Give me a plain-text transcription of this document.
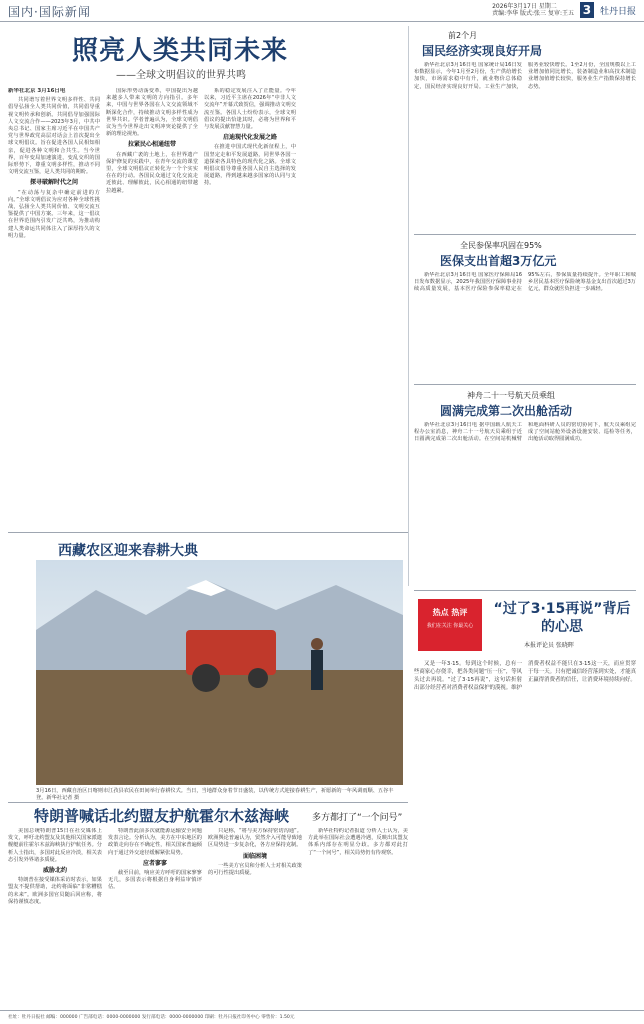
国内·国际新闻	2026年3月17日 星期二
责编:李华 版式:张三 复审:王五 3 牡丹日报
照亮人类共同未来
——全球文明倡议的世界共鸣
新华社北京 3月16日电

共同谱写着世界文明多样性、共同倡导弘扬全人类共同价值，共同倡导重视文明传承和创新。共同倡导加强国际人文交流合作——2023年3月，中共中央总书记、国家主席习近平在中国共产党与世界政党高层对话会上首次提出全球文明倡议。旨在促进各国人民相知相亲，促进各种文明和合共生。当今世界，百年变局加速演进，变乱交织的国际形势下，尊重文明多样性，推动不同文明交流互鉴，是人类共同的期盼。

探寻破解时代之问

“在动荡与复杂中确定前进的方向。”全球文明倡议为应对各种全球性挑战，弘扬全人类共同价值、文明交流互鉴提供了中国方案。三年来，这一倡议在世界范围内引发广泛共鸣，为推动构建人类命运共同体注入了深厚持久的文明力量。

国际形势动荡变革，中国提出为越来越多人带来文明的方向指引。多年来，中国与世界各国在人文交流领域不断深化合作，持续推动文明多样性成为世界共识。学者普遍认为，全球文明倡议为当今世界走出文明冲突论提供了全新的理论视角。

拉紧民心相通纽带

在西藏广袤的土地上，在世界遗产保护修复的实践中，在青年交流的课堂里，全球文明倡议正转化为一个个实实在在的行动。各国民众通过文化交流走近彼此、理解彼此，民心相通的纽带越拉越紧。

系的稳定发展注入了正能量。今年以来，习近平主席在2026年“中非人文交流年”开幕式致贺信，强调推动文明交流互鉴。各国人士纷纷表示，全球文明倡议的提出恰逢其时，必将为世界和平与发展贡献智慧力量。

启迪现代化发展之路

在推进中国式现代化新征程上，中国坚定走和平发展道路，同世界各国一道探索各具特色的现代化之路。全球文明倡议倡导尊重各国人民自主选择的发展道路，得到越来越多国家的认同与支持。

前2个月
国民经济实现良好开局

新华社北京3月16日电 国家统计局16日发布数据显示，今年1月至2月份，生产供给增长加快，市场需求稳中有升，就业物价总体稳定，国民经济实现良好开局。工业生产加快，服务业较快增长。1至2月份，全国规模以上工业增加值同比增长，装备制造业和高技术制造业增加值增长较快，服务业生产指数保持增长态势。

全民参保率巩固在95%
医保支出首超3万亿元

新华社北京3月16日电 国家医疗保障局16日发布数据显示，2025年我国医疗保障事业持续高质量发展，基本医疗保险参保率稳定在95%左右，参保质量持续提升。全年职工和城乡居民基本医疗保险统筹基金支出首次超过3万亿元，群众就医负担进一步减轻。

神舟二十一号航天员乘组
圆满完成第二次出舱活动

新华社北京3月16日电 据中国载人航天工程办公室消息，神舟二十一号航天员乘组于近日圆满完成第二次出舱活动。在空间站机械臂和地面科研人员的密切协同下，航天员乘组完成了空间站舱外设备设施安装、巡检等任务，出舱活动取得圆满成功。

西藏农区迎来春耕大典
3月16日，西藏自治区日喀则市江孜县农民在田间举行春耕仪式。当日，当地群众身着节日盛装，以传统方式迎接春耕生产，祈愿新的一年风调雨顺、五谷丰登。新华社记者 摄
特朗普喊话北约盟友护航霍尔木兹海峡	多方都打了“一个问号”

美国总统特朗普15日在社交媒体上发文，呼吁北约盟友及其他相关国家派遣舰艇前往霍尔木兹海峡执行护航任务。分析人士指出，多国对此反应冷淡，相关表态引发外界诸多质疑。

威胁北约

特朗普在接受媒体采访时表示，如果盟友不提供帮助，北约将面临“非常糟糕的未来”。欧洲多国官员随后回应称，将保持谨慎态度。

特朗普此前多次就能源运输安全问题发表言论。分析认为，美方在中东地区的政策走向存在不确定性，相关国家普遍倾向于通过外交途径缓解紧张局势。

应者寥寥

截至目前，响应美方呼吁的国家寥寥无几，多国表示将根据自身利益审慎评估。

只是称，“将与美方保持密切沟通”。欧洲舆论普遍认为，贸然介入可能导致地区局势进一步复杂化，各方应保持克制。

面临困境

一些美方官员和分析人士对相关政策的可行性提出质疑。

新华社特约记者报道 分析人士认为，美方此举在国际社会遭遇冷遇，反映出其盟友体系内部存在明显分歧。多方都对此打了“一个问号”，相关局势仍有待观察。

热点 热评
我们在关注 你最关心
“过了3·15再说”背后的心思
本报评论员 张晓晖

又是一年3·15。每到这个时候，总有一些商家心存侥幸，把各类问题“压一压”，等风头过去再说。“过了3·15再说”，这句话折射出部分经营者对消费者权益保护的漠视。维护消费者权益不能只在3·15这一天，而应贯穿于每一天。只有把诚信经营落到实处，才能真正赢得消费者的信任，让消费环境持续向好。

社址：牡丹日报社 邮编：000000 广告部电话：0000-0000000 发行部电话：0000-0000000 印刷：牡丹日报社印务中心 零售价：1.50元
